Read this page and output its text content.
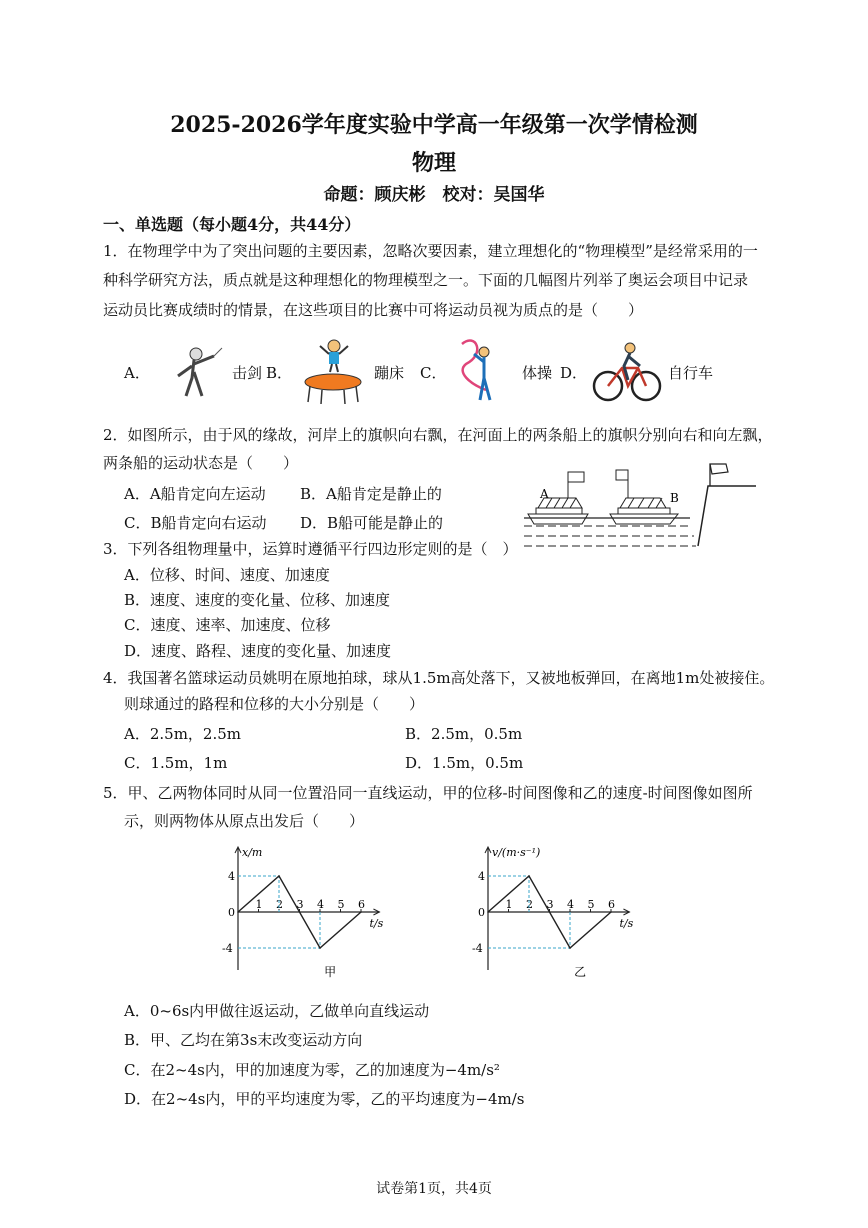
2025-2026学年度实验中学高一年级第一次学情检测
物理
命题：顾庆彬　校对：吴国华
一、单选题（每小题4分，共44分）
1．在物理学中为了突出问题的主要因素，忽略次要因素，建立理想化的“物理模型”是经常采用的一
种科学研究方法，质点就是这种理想化的物理模型之一。下面的几幅图片列举了奥运会项目中记录
运动员比赛成绩时的情景，在这些项目的比赛中可将运动员视为质点的是（　　）
A．	击剑 B．	蹦床 C．	体操 D．	自行车
2．如图所示，由于风的缘故，河岸上的旗帜向右飘，在河面上的两条船上的旗帜分别向右和向左飘，
两条船的运动状态是（　　）
A．A船肯定向左运动 B．A船肯定是静止的
C．B船肯定向右运动 D．B船可能是静止的
A	B
3．下列各组物理量中，运算时遵循平行四边形定则的是（　）
A．位移、时间、速度、加速度
B．速度、速度的变化量、位移、加速度
C．速度、速率、加速度、位移
D．速度、路程、速度的变化量、加速度
4．我国著名篮球运动员姚明在原地拍球，球从1.5m高处落下，又被地板弹回，在离地1m处被接住。
则球通过的路程和位移的大小分别是（　　）
A．2.5m，2.5m	B．2.5m，0.5m
C．1.5m，1m	D．1.5m，0.5m
5．甲、乙两物体同时从同一位置沿同一直线运动，甲的位移-时间图像和乙的速度-时间图像如图所
示，则两物体从原点出发后（　　）
1 2 3 4 5 6
4
0
-4
x/m
t/s
甲
1 2 3 4 5 6
4
0
-4
v/(m·s⁻¹)
t/s
乙
A．0~6s内甲做往返运动，乙做单向直线运动
B．甲、乙均在第3s末改变运动方向
C．在2~4s内，甲的加速度为零，乙的加速度为−4m/s²
D．在2~4s内，甲的平均速度为零，乙的平均速度为−4m/s
试卷第1页，共4页
